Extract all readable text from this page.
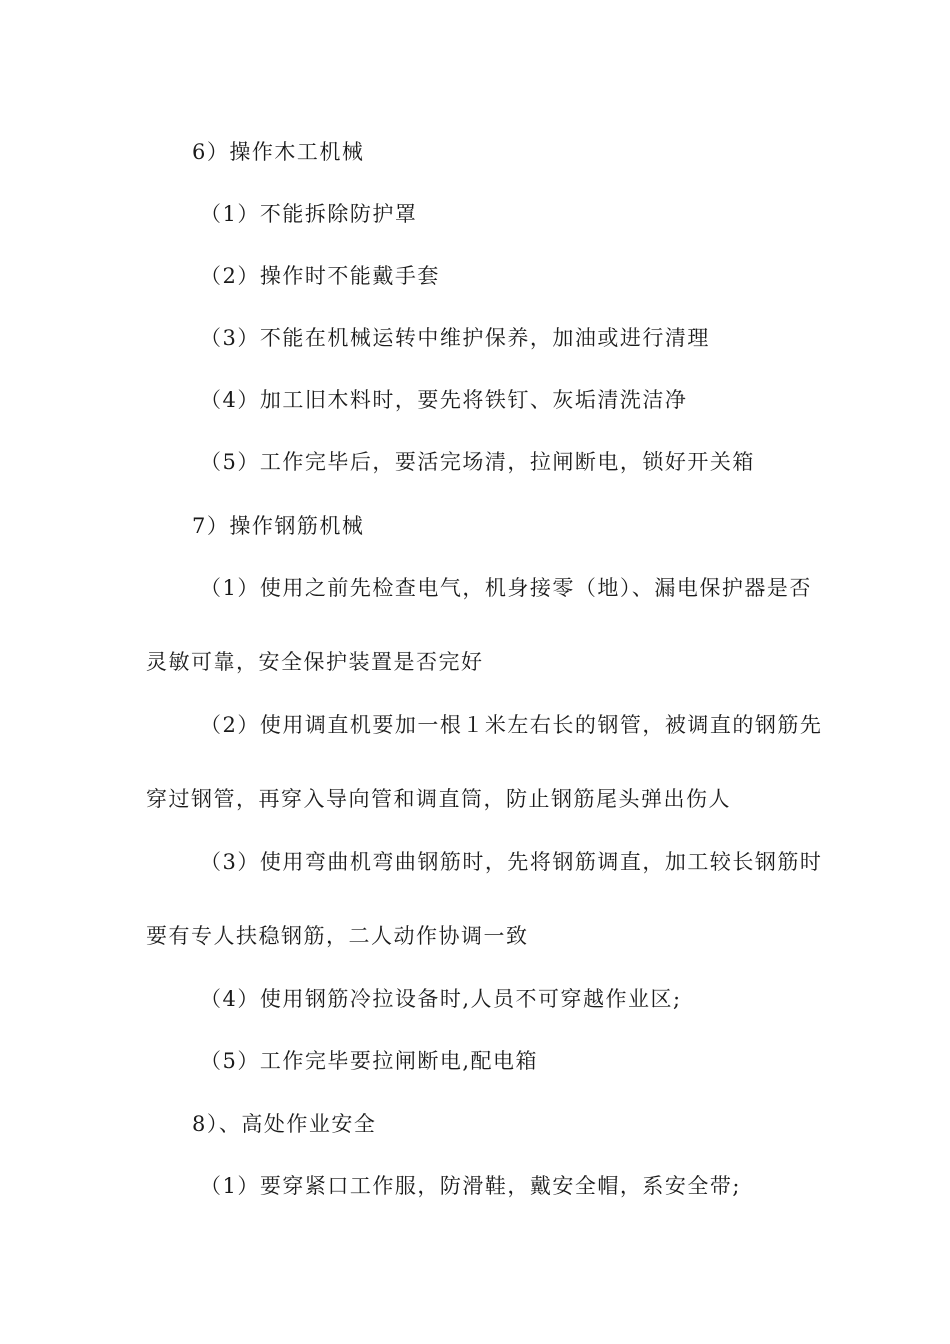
6）操作木工机械
（1）不能拆除防护罩
（2）操作时不能戴手套
（3）不能在机械运转中维护保养，加油或进行清理
（4）加工旧木料时，要先将铁钉、灰垢清洗洁净
（5）工作完毕后，要活完场清，拉闸断电，锁好开关箱
7）操作钢筋机械
（1）使用之前先检查电气，机身接零（地）、漏电保护器是否
灵敏可靠，安全保护装置是否完好
（2）使用调直机要加一根１米左右长的钢管，被调直的钢筋先
穿过钢管，再穿入导向管和调直筒，防止钢筋尾头弹出伤人
（3）使用弯曲机弯曲钢筋时，先将钢筋调直，加工较长钢筋时
要有专人扶稳钢筋，二人动作协调一致
（4）使用钢筋冷拉设备时,人员不可穿越作业区;
（5）工作完毕要拉闸断电,配电箱
8）、高处作业安全
（1）要穿紧口工作服，防滑鞋，戴安全帽，系安全带;
